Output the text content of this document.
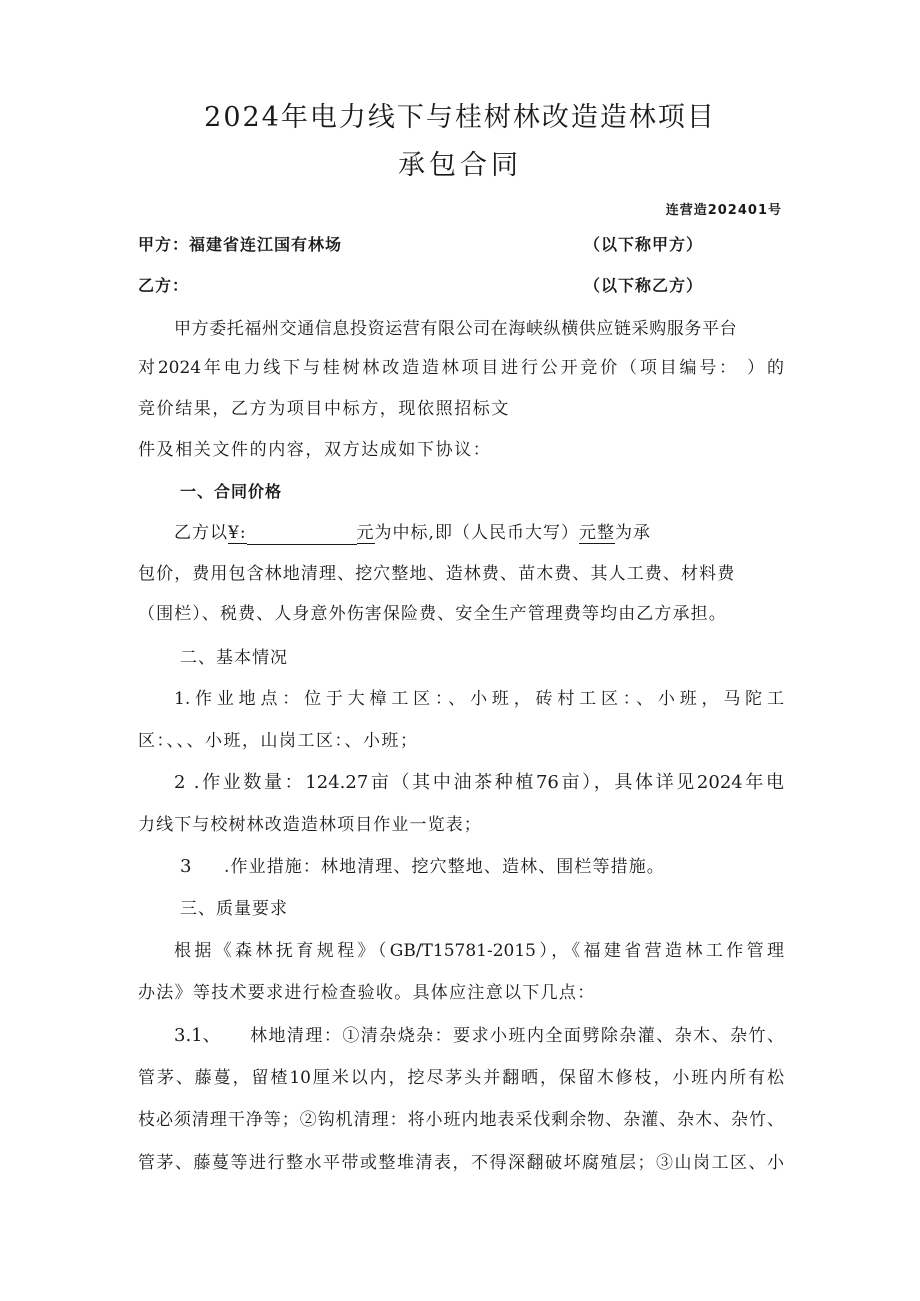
2024年电力线下与桂树林改造造林项目
承包合同
连营造202401号
甲方：福建省连江国有林场	（以下称甲方）
乙方：	（以下称乙方）
甲方委托福州交通信息投资运营有限公司在海峡纵横供应链采购服务平台
对2024年电力线下与桂树林改造造林项目进行公开竞价（项目编号： ）的
竞价结果，乙方为项目中标方，现依照招标文
件及相关文件的内容，双方达成如下协议：
一、合同价格
乙方以¥:	元为中标,即（人民币大写）元整为承
包价，费用包含林地清理、挖穴整地、造林费、苗木费、其人工费、材料费
（围栏）、税费、人身意外伤害保险费、安全生产管理费等均由乙方承担。
二、基本情况
1.作业地点：位于大樟工区：、小班，砖村工区：、小班，马陀工
区：、、、小班，山岗工区：、小班；
2 .作业数量：124.27亩（其中油茶种植76亩），具体详见2024年电
力线下与校树林改造造林项目作业一览表；
3 .作业措施：林地清理、挖穴整地、造林、围栏等措施。
三、质量要求
根据《森林抚育规程》（GB/T15781-2015），《福建省营造林工作管理
办法》等技术要求进行检查验收。具体应注意以下几点：
3.1、 林地清理：①清杂烧杂：要求小班内全面劈除杂灌、杂木、杂竹、
管茅、藤蔓，留楂10厘米以内，挖尽茅头并翻晒，保留木修枝，小班内所有松
枝必须清理干净等；②钩机清理：将小班内地表采伐剩余物、杂灌、杂木、杂竹、
管茅、藤蔓等进行整水平带或整堆清表，不得深翻破坏腐殖层；③山岗工区、小
